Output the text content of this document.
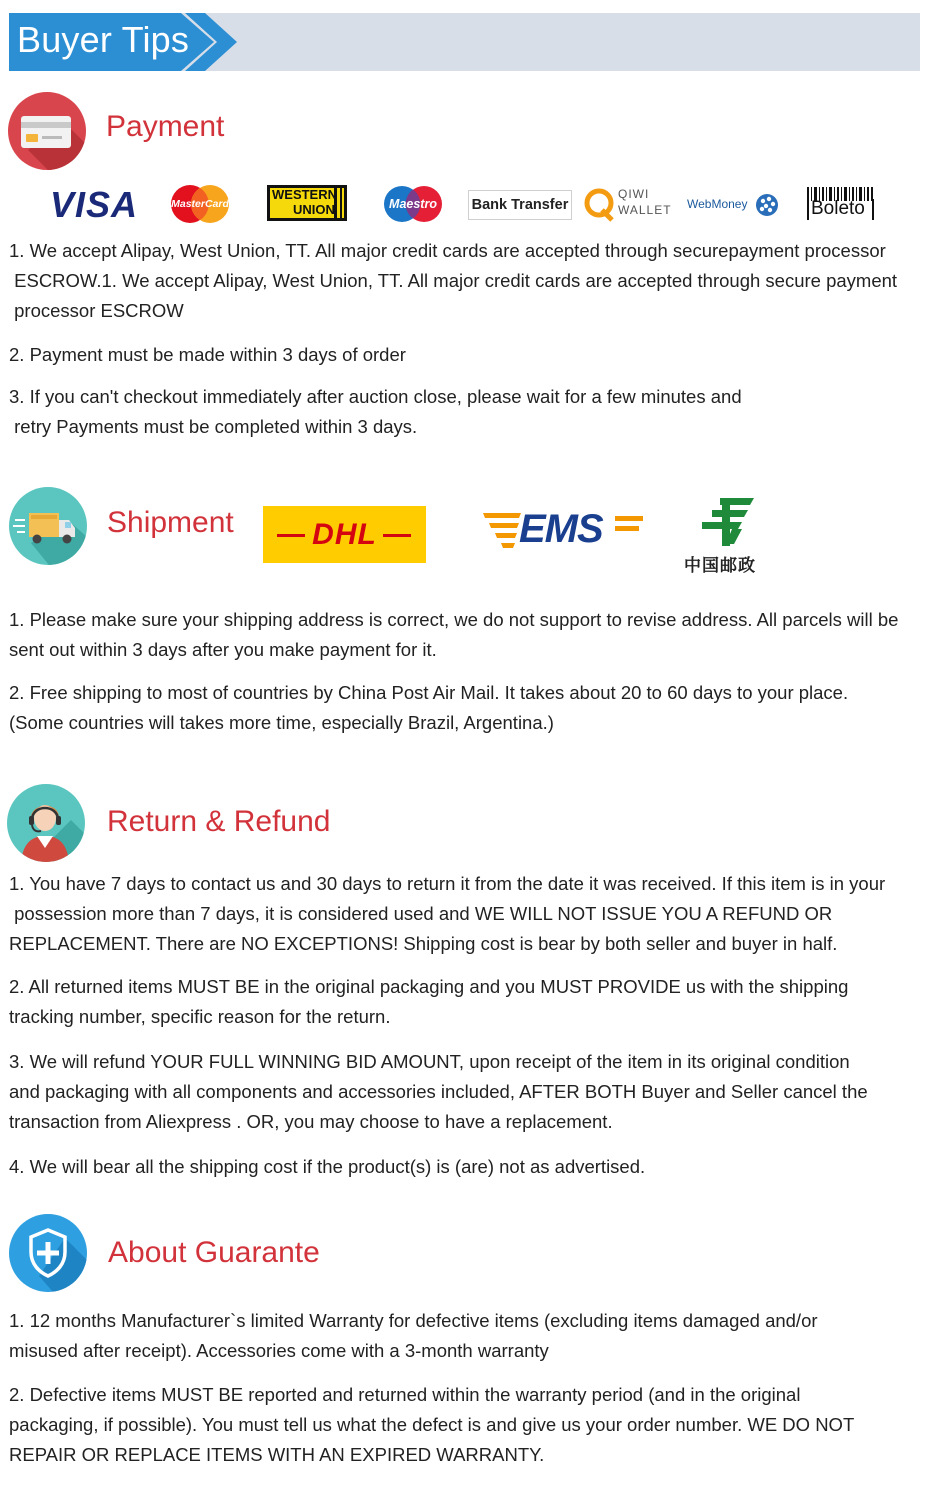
Buyer Tips
Payment
VISA	MasterCard
WESTERN
UNION	Maestro Bank Transfer
QIWI
WALLET WebMoney	Boleto
1. We accept Alipay, West Union, TT. All major credit cards are accepted through securepayment processor
ESCROW.1. We accept Alipay, West Union, TT. All major credit cards are accepted through secure payment
processor ESCROW
2. Payment must be made within 3 days of order
3. If you can't checkout immediately after auction close, please wait for a few minutes and
retry Payments must be completed within 3 days.
Shipment	DHL	EMS
中国邮政
1. Please make sure your shipping address is correct, we do not support to revise address. All parcels will be
sent out within 3 days after you make payment for it.
2. Free shipping to most of countries by China Post Air Mail. It takes about 20 to 60 days to your place.
(Some countries will takes more time, especially Brazil, Argentina.)
Return & Refund
1. You have 7 days to contact us and 30 days to return it from the date it was received. If this item is in your
possession more than 7 days, it is considered used and WE WILL NOT ISSUE YOU A REFUND OR
REPLACEMENT. There are NO EXCEPTIONS! Shipping cost is bear by both seller and buyer in half.
2. All returned items MUST BE in the original packaging and you MUST PROVIDE us with the shipping
tracking number, specific reason for the return.
3. We will refund YOUR FULL WINNING BID AMOUNT, upon receipt of the item in its original condition
and packaging with all components and accessories included, AFTER BOTH Buyer and Seller cancel the
transaction from Aliexpress . OR, you may choose to have a replacement.
4. We will bear all the shipping cost if the product(s) is (are) not as advertised.
About Guarante
1. 12 months Manufacturer`s limited Warranty for defective items (excluding items damaged and/or
misused after receipt). Accessories come with a 3-month warranty
2. Defective items MUST BE reported and returned within the warranty period (and in the original
packaging, if possible). You must tell us what the defect is and give us your order number. WE DO NOT
REPAIR OR REPLACE ITEMS WITH AN EXPIRED WARRANTY.
